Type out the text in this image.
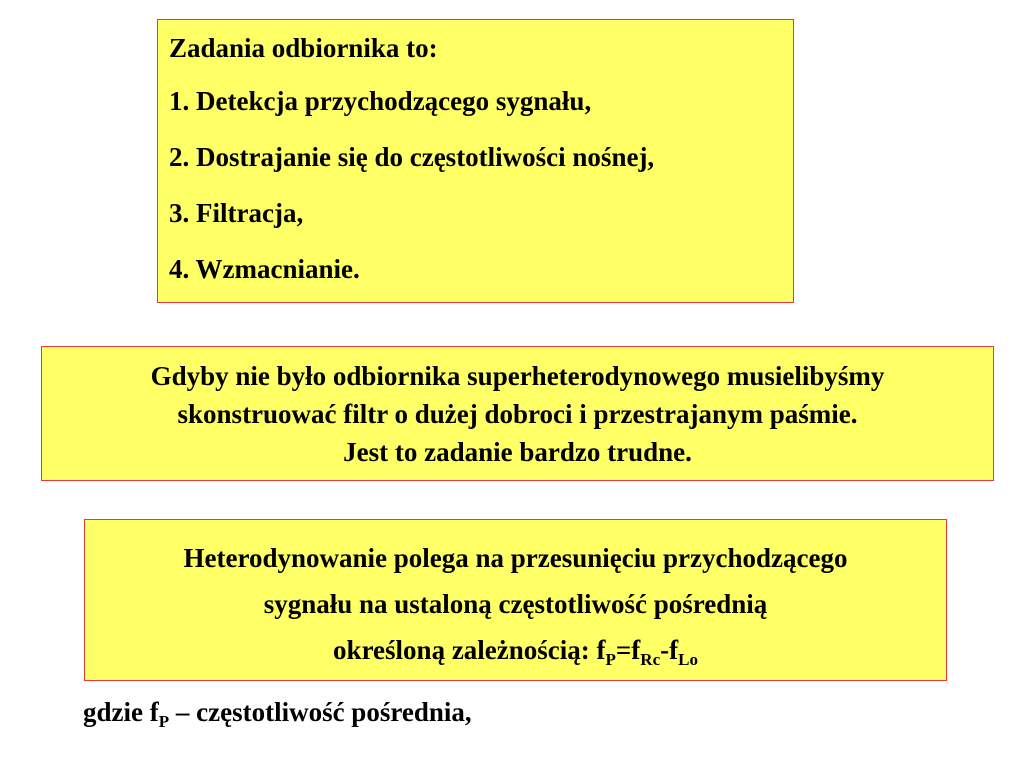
Zadania odbiornika to:
1. Detekcja przychodzącego sygnału,
2. Dostrajanie się do częstotliwości nośnej,
3. Filtracja,
4. Wzmacnianie.
Gdyby nie było odbiornika superheterodynowego musielibyśmy
skonstruować filtr o dużej dobroci i przestrajanym paśmie.
Jest to zadanie bardzo trudne.
Heterodynowanie polega na przesunięciu przychodzącego
sygnału na ustaloną częstotliwość pośrednią
określoną zależnością: $f_P=f_{Rc}-f_{Lo}$
gdzie $f_P$ – częstotliwość pośrednia,
